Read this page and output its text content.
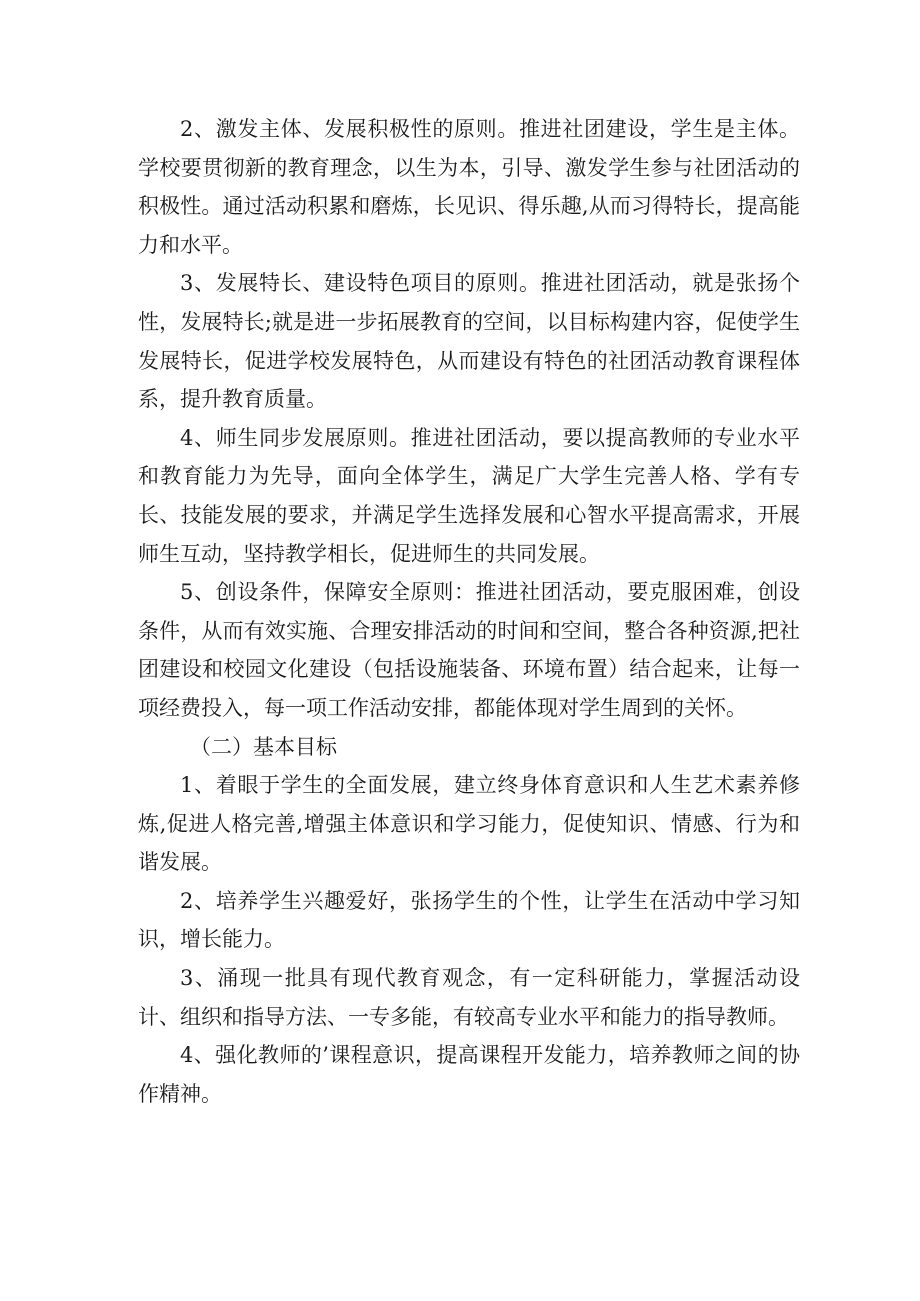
2、激发主体、发展积极性的原则。推进社团建设，学生是主体。学校要贯彻新的教育理念，以生为本，引导、激发学生参与社团活动的积极性。通过活动积累和磨炼，长见识、得乐趣,从而习得特长，提高能力和水平。

3、发展特长、建设特色项目的原则。推进社团活动，就是张扬个性，发展特长;就是进一步拓展教育的空间，以目标构建内容，促使学生发展特长，促进学校发展特色，从而建设有特色的社团活动教育课程体系，提升教育质量。

4、师生同步发展原则。推进社团活动，要以提高教师的专业水平和教育能力为先导，面向全体学生，满足广大学生完善人格、学有专长、技能发展的要求，并满足学生选择发展和心智水平提高需求，开展师生互动，坚持教学相长，促进师生的共同发展。

5、创设条件，保障安全原则：推进社团活动，要克服困难，创设条件，从而有效实施、合理安排活动的时间和空间，整合各种资源,把社团建设和校园文化建设（包括设施装备、环境布置）结合起来，让每一项经费投入，每一项工作活动安排，都能体现对学生周到的关怀。

（二）基本目标

1、着眼于学生的全面发展，建立终身体育意识和人生艺术素养修炼,促进人格完善,增强主体意识和学习能力，促使知识、情感、行为和谐发展。

2、培养学生兴趣爱好，张扬学生的个性，让学生在活动中学习知识，增长能力。

3、涌现一批具有现代教育观念，有一定科研能力，掌握活动设计、组织和指导方法、一专多能，有较高专业水平和能力的指导教师。

4、强化教师的’课程意识，提高课程开发能力，培养教师之间的协作精神。
